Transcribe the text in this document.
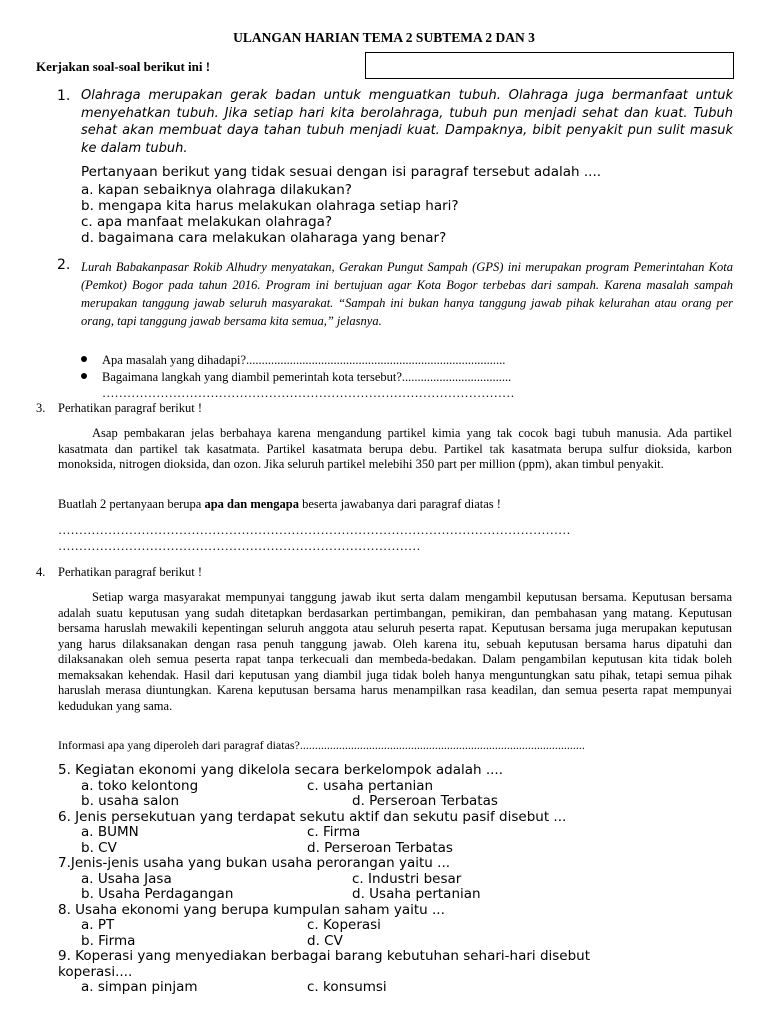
ULANGAN HARIAN TEMA 2 SUBTEMA 2 DAN 3
Kerjakan soal-soal berikut ini !
1. Olahraga merupakan gerak badan untuk menguatkan tubuh. Olahraga juga bermanfaat untuk menyehatkan tubuh. Jika setiap hari kita berolahraga, tubuh pun menjadi sehat dan kuat. Tubuh sehat akan membuat daya tahan tubuh menjadi kuat. Dampaknya, bibit penyakit pun sulit masuk ke dalam tubuh.
Pertanyaan berikut yang tidak sesuai dengan isi paragraf tersebut adalah ....
a. kapan sebaiknya olahraga dilakukan?
b. mengapa kita harus melakukan olahraga setiap hari?
c. apa manfaat melakukan olahraga?
d. bagaimana cara melakukan olaharaga yang benar?
2. Lurah Babakanpasar Rokib Alhudry menyatakan, Gerakan Pungut Sampah (GPS) ini merupakan program Pemerintahan Kota (Pemkot) Bogor pada tahun 2016. Program ini bertujuan agar Kota Bogor terbebas dari sampah. Karena masalah sampah merupakan tanggung jawab seluruh masyarakat. “Sampah ini bukan hanya tanggung jawab pihak kelurahan atau orang per orang, tapi tanggung jawab bersama kita semua,” jelasnya.
Apa masalah yang dihadapi?...................................................................................
Bagaimana langkah yang diambil pemerintah kota tersebut?...................................
………………………………………………………………………………………
3. Perhatikan paragraf berikut !
Asap pembakaran jelas berbahaya karena mengandung partikel kimia yang tak cocok bagi tubuh manusia. Ada partikel kasatmata dan partikel tak kasatmata. Partikel kasatmata berupa debu. Partikel tak kasatmata berupa sulfur dioksida, karbon monoksida, nitrogen dioksida, dan ozon. Jika seluruh partikel melebihi 350 part per million (ppm), akan timbul penyakit.
Buatlah 2 pertanyaan berupa apa dan mengapa beserta jawabanya dari paragraf diatas !
……………………………………………………………………………………………………………
……………………………………………………………………………
4. Perhatikan paragraf berikut !
Setiap warga masyarakat mempunyai tanggung jawab ikut serta dalam mengambil keputusan bersama. Keputusan bersama adalah suatu keputusan yang sudah ditetapkan berdasarkan pertimbangan, pemikiran, dan pembahasan yang matang. Keputusan bersama haruslah mewakili kepentingan seluruh anggota atau seluruh peserta rapat. Keputusan bersama juga merupakan keputusan yang harus dilaksanakan dengan rasa penuh tanggung jawab. Oleh karena itu, sebuah keputusan bersama harus dipatuhi dan dilaksanakan oleh semua peserta rapat tanpa terkecuali dan membeda-bedakan. Dalam pengambilan keputusan kita tidak boleh memaksakan kehendak. Hasil dari keputusan yang diambil juga tidak boleh hanya menguntungkan satu pihak, tetapi semua pihak haruslah merasa diuntungkan. Karena keputusan bersama harus menampilkan rasa keadilan, dan semua peserta rapat mempunyai kedudukan yang sama.
Informasi apa yang diperoleh dari paragraf diatas?...............................................................................................
5. Kegiatan ekonomi yang dikelola secara berkelompok adalah ....
a. toko kelontong	c. usaha pertanian
b. usaha salon	d. Perseroan Terbatas
6. Jenis persekutuan yang terdapat sekutu aktif dan sekutu pasif disebut ...
a. BUMN	c. Firma
b. CV	d. Perseroan Terbatas
7.Jenis-jenis usaha yang bukan usaha perorangan yaitu ...
a. Usaha Jasa	c. Industri besar
b. Usaha Perdagangan	d. Usaha pertanian
8. Usaha ekonomi yang berupa kumpulan saham yaitu ...
a. PT	c. Koperasi
b. Firma	d. CV
9. Koperasi yang menyediakan berbagai barang kebutuhan sehari-hari disebut
koperasi....
a. simpan pinjam	c. konsumsi
